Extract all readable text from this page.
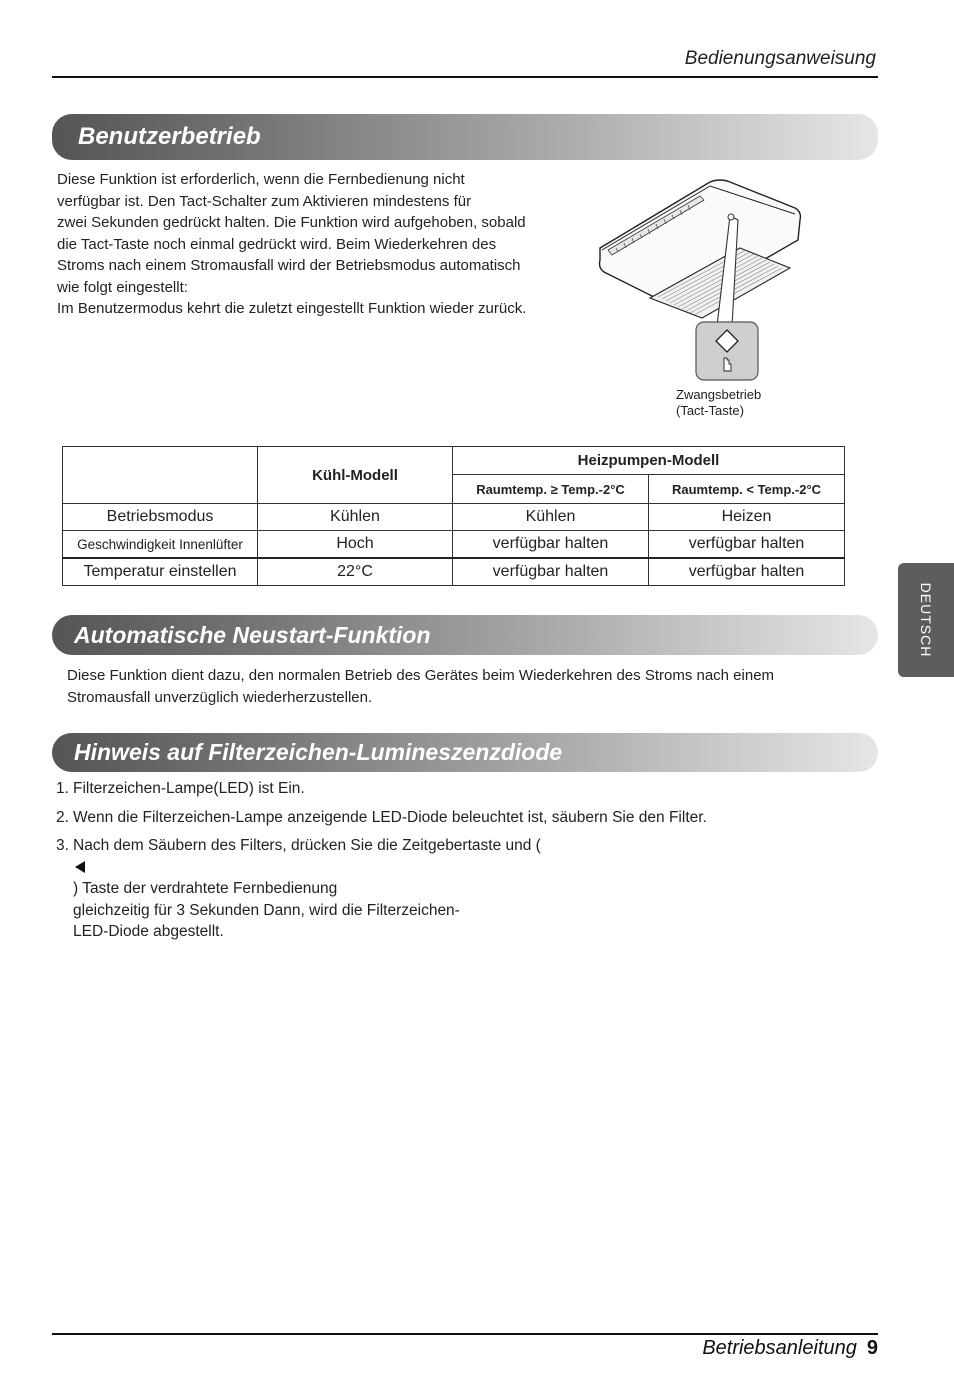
Bedienungsanweisung
Benutzerbetrieb
Diese Funktion ist erforderlich, wenn die Fernbedienung nicht
verfügbar ist. Den Tact-Schalter zum Aktivieren mindestens für
zwei Sekunden gedrückt halten. Die Funktion wird aufgehoben, sobald
die Tact-Taste noch einmal gedrückt wird. Beim Wiederkehren des
Stroms nach einem Stromausfall wird der Betriebsmodus automatisch
wie folgt eingestellt:
Im Benutzermodus kehrt die zuletzt eingestellt Funktion wieder zurück.
Zwangsbetrieb
(Tact-Taste)
	Kühl-Modell	Heizpumpen-Modell	
		Raumtemp. ≥ Temp.-2°C	Raumtemp. < Temp.-2°C
Betriebsmodus	Kühlen	Kühlen	Heizen
Geschwindigkeit Innenlüfter	Hoch	verfügbar halten	verfügbar halten
Temperatur einstellen	22°C	verfügbar halten	verfügbar halten
Automatische Neustart-Funktion
Diese Funktion dient dazu, den normalen Betrieb des Gerätes beim Wiederkehren des Stroms nach einem
Stromausfall unverzüglich wiederherzustellen.
Hinweis auf Filterzeichen-Lumineszenzdiode
1. Filterzeichen-Lampe(LED) ist Ein.
2. Wenn die Filterzeichen-Lampe anzeigende LED-Diode beleuchtet ist, säubern Sie den Filter.
3. Nach dem Säubern des Filters, drücken Sie die Zeitgebertaste und (
) Taste der verdrahtete Fernbedienung
gleichzeitig für 3 Sekunden Dann, wird die Filterzeichen-
LED-Diode abgestellt.
DEUTSCH
Betriebsanleitung 9
